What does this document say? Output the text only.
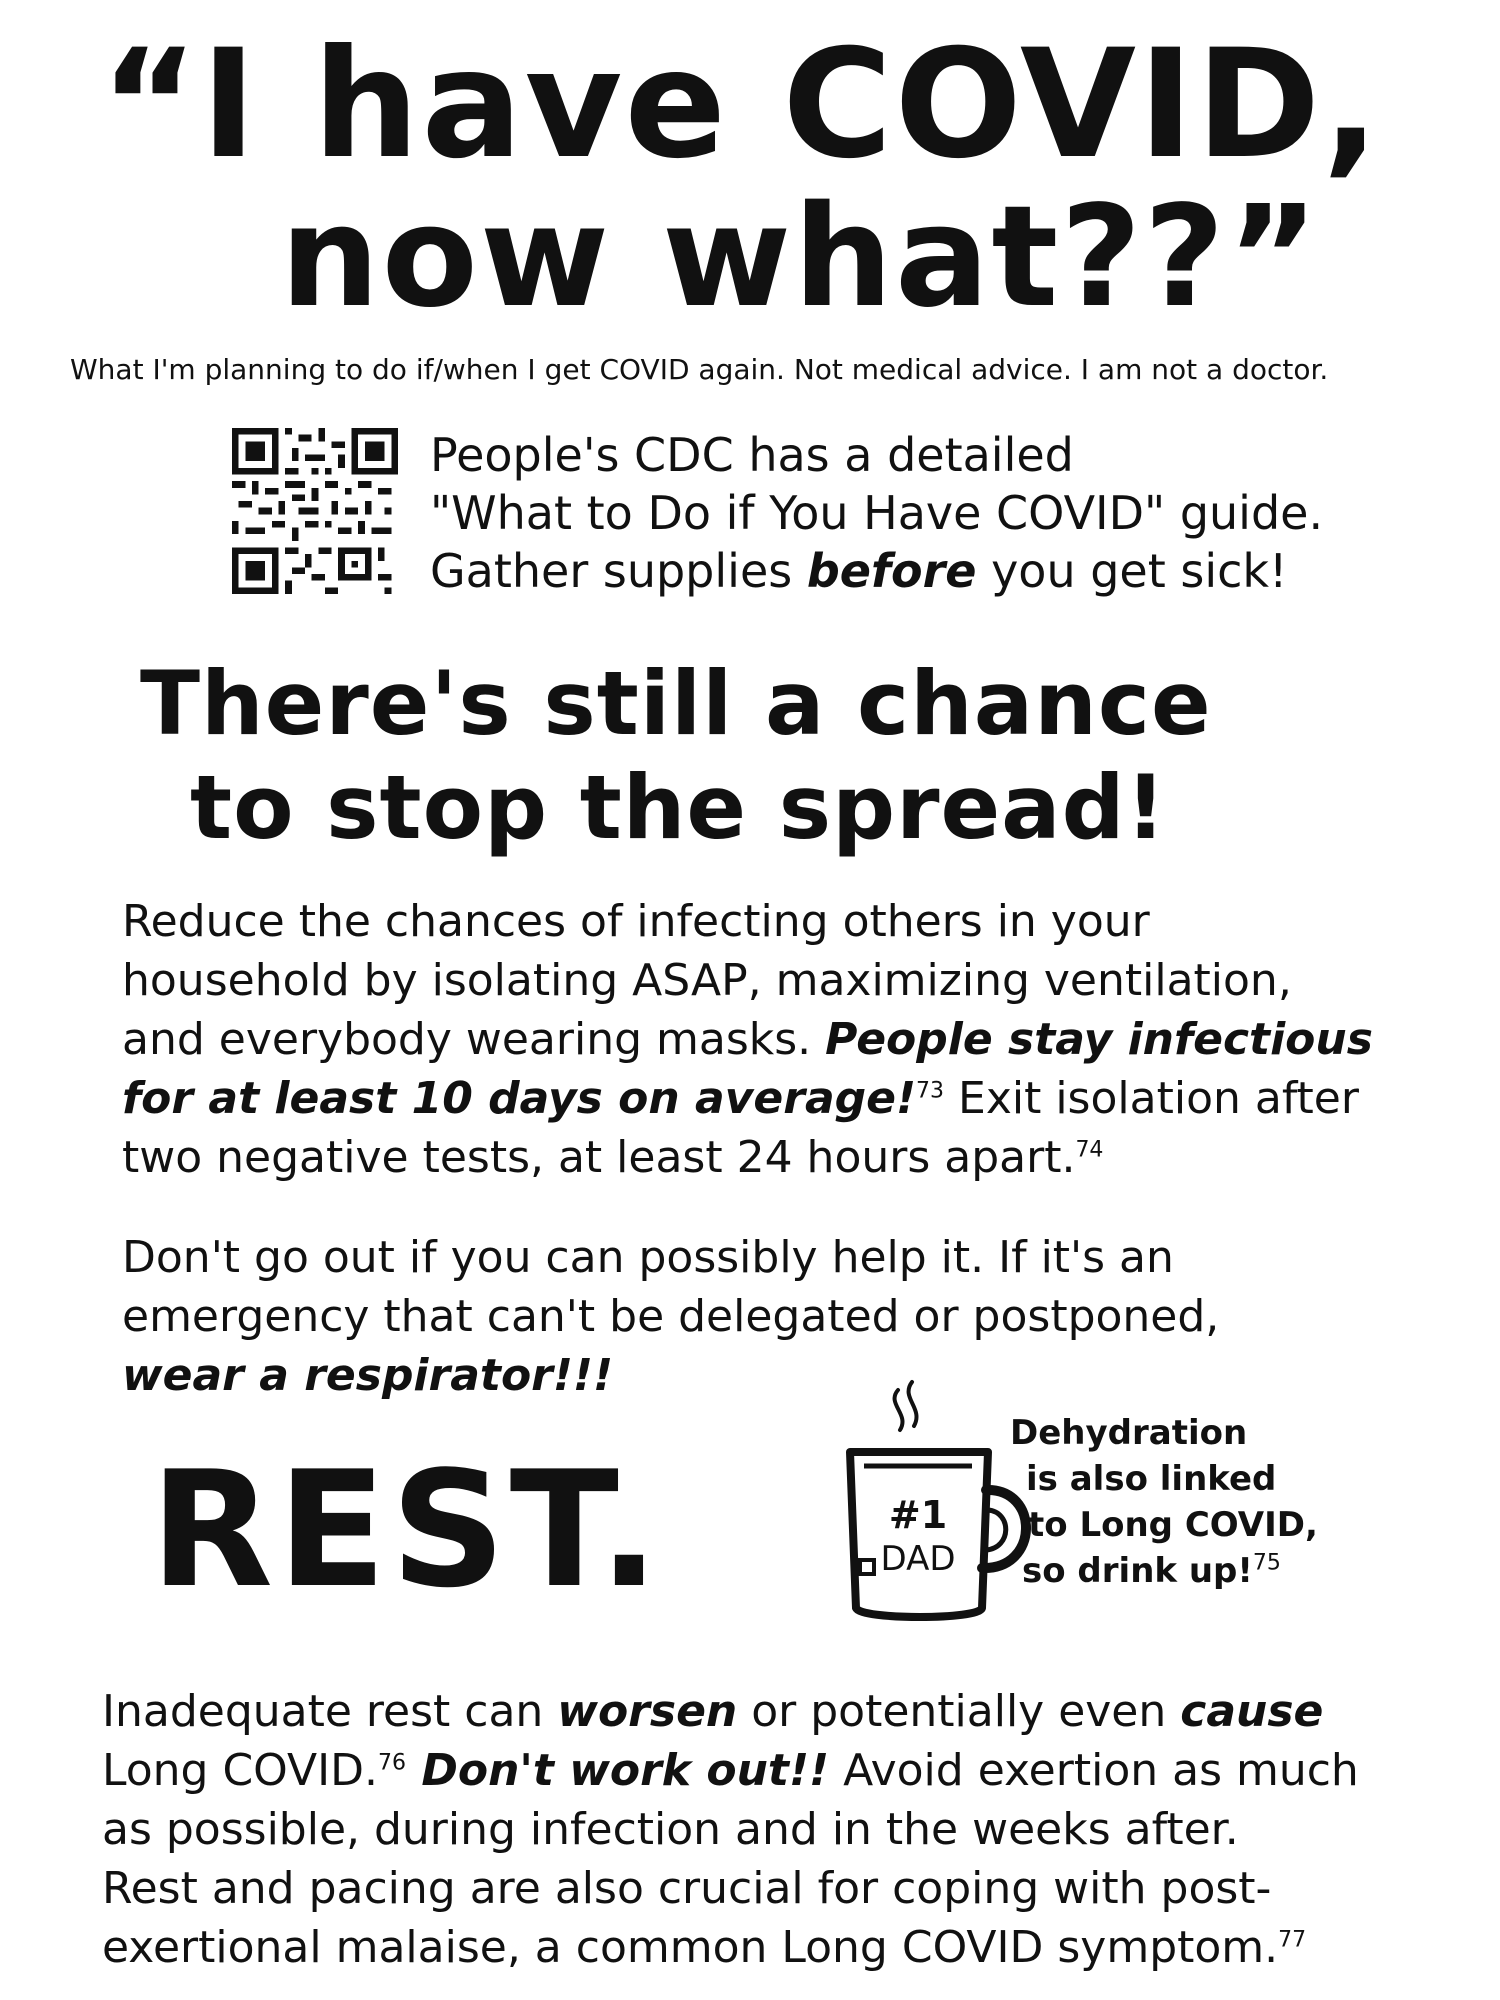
“I have COVID,
now what??”
What I'm planning to do if/when I get COVID again. Not medical advice. I am not a doctor.
People's CDC has a detailed
"What to Do if You Have COVID" guide.
Gather supplies before you get sick!
There's still a chance
to stop the spread!
Reduce the chances of infecting others in your
household by isolating ASAP, maximizing ventilation,
and everybody wearing masks. People stay infectious
for at least 10 days on average!$^{73}$ Exit isolation after
two negative tests, at least 24 hours apart.$^{74}$
Don't go out if you can possibly help it. If it's an
emergency that can't be delegated or postponed,
wear a respirator!!!
REST.	#1
DAD
Dehydration
is also linked
to Long COVID,
so drink up!$^{75}$
Inadequate rest can worsen or potentially even cause
Long COVID.$^{76}$ Don't work out!! Avoid exertion as much
as possible, during infection and in the weeks after.
Rest and pacing are also crucial for coping with post-
exertional malaise, a common Long COVID symptom.$^{77}$
